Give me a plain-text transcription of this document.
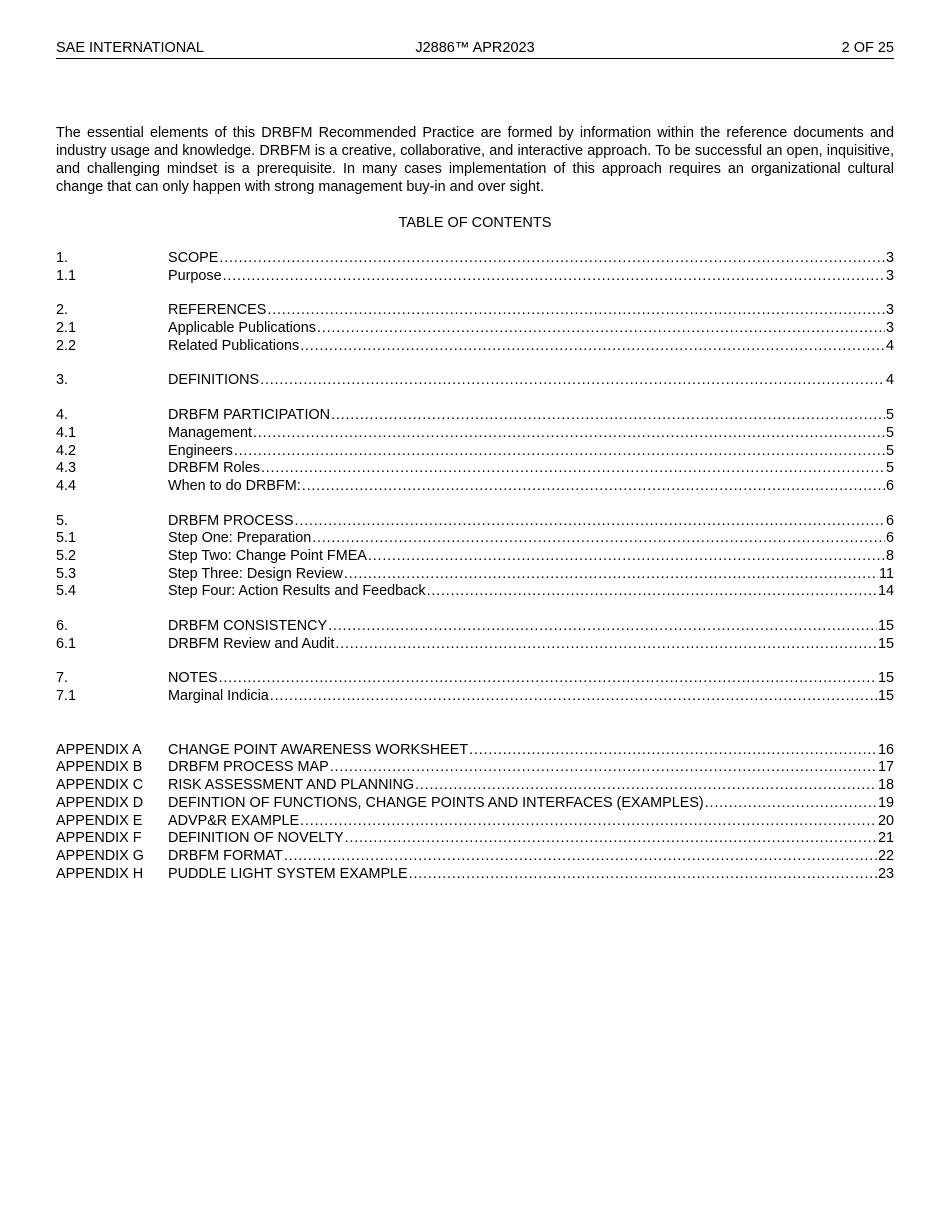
SAE INTERNATIONAL	J2886™ APR2023	2 OF 25

The essential elements of this DRBFM Recommended Practice are formed by information within the reference documents and industry usage and knowledge. DRBFM is a creative, collaborative, and interactive approach. To be successful an open, inquisitive, and challenging mindset is a prerequisite. In many cases implementation of this approach requires an organizational cultural change that can only happen with strong management buy-in and over sight.

TABLE OF CONTENTS
1.	SCOPE .....	3
1.1	Purpose .....	3
2.	REFERENCES .....	3
2.1	Applicable Publications .....	3
2.2	Related Publications .....	4
3.	DEFINITIONS .....	4
4.	DRBFM PARTICIPATION .....	5
4.1	Management .....	5
4.2	Engineers .....	5
4.3	DRBFM Roles .....	5
4.4	When to do DRBFM: .....	6
5.	DRBFM PROCESS .....	6
5.1	Step One: Preparation .....	6
5.2	Step Two: Change Point FMEA .....	8
5.3	Step Three: Design Review .....	11
5.4	Step Four: Action Results and Feedback .....	14
6.	DRBFM CONSISTENCY .....	15
6.1	DRBFM Review and Audit .....	15
7.	NOTES .....	15
7.1	Marginal Indicia .....	15
APPENDIX A	CHANGE POINT AWARENESS WORKSHEET .....	16
APPENDIX B	DRBFM PROCESS MAP .....	17
APPENDIX C	RISK ASSESSMENT AND PLANNING .....	18
APPENDIX D	DEFINTION OF FUNCTIONS, CHANGE POINTS AND INTERFACES (EXAMPLES) .....	19
APPENDIX E	ADVP&R EXAMPLE .....	20
APPENDIX F	DEFINITION OF NOVELTY .....	21
APPENDIX G	DRBFM FORMAT .....	22
APPENDIX H	PUDDLE LIGHT SYSTEM EXAMPLE .....	23
